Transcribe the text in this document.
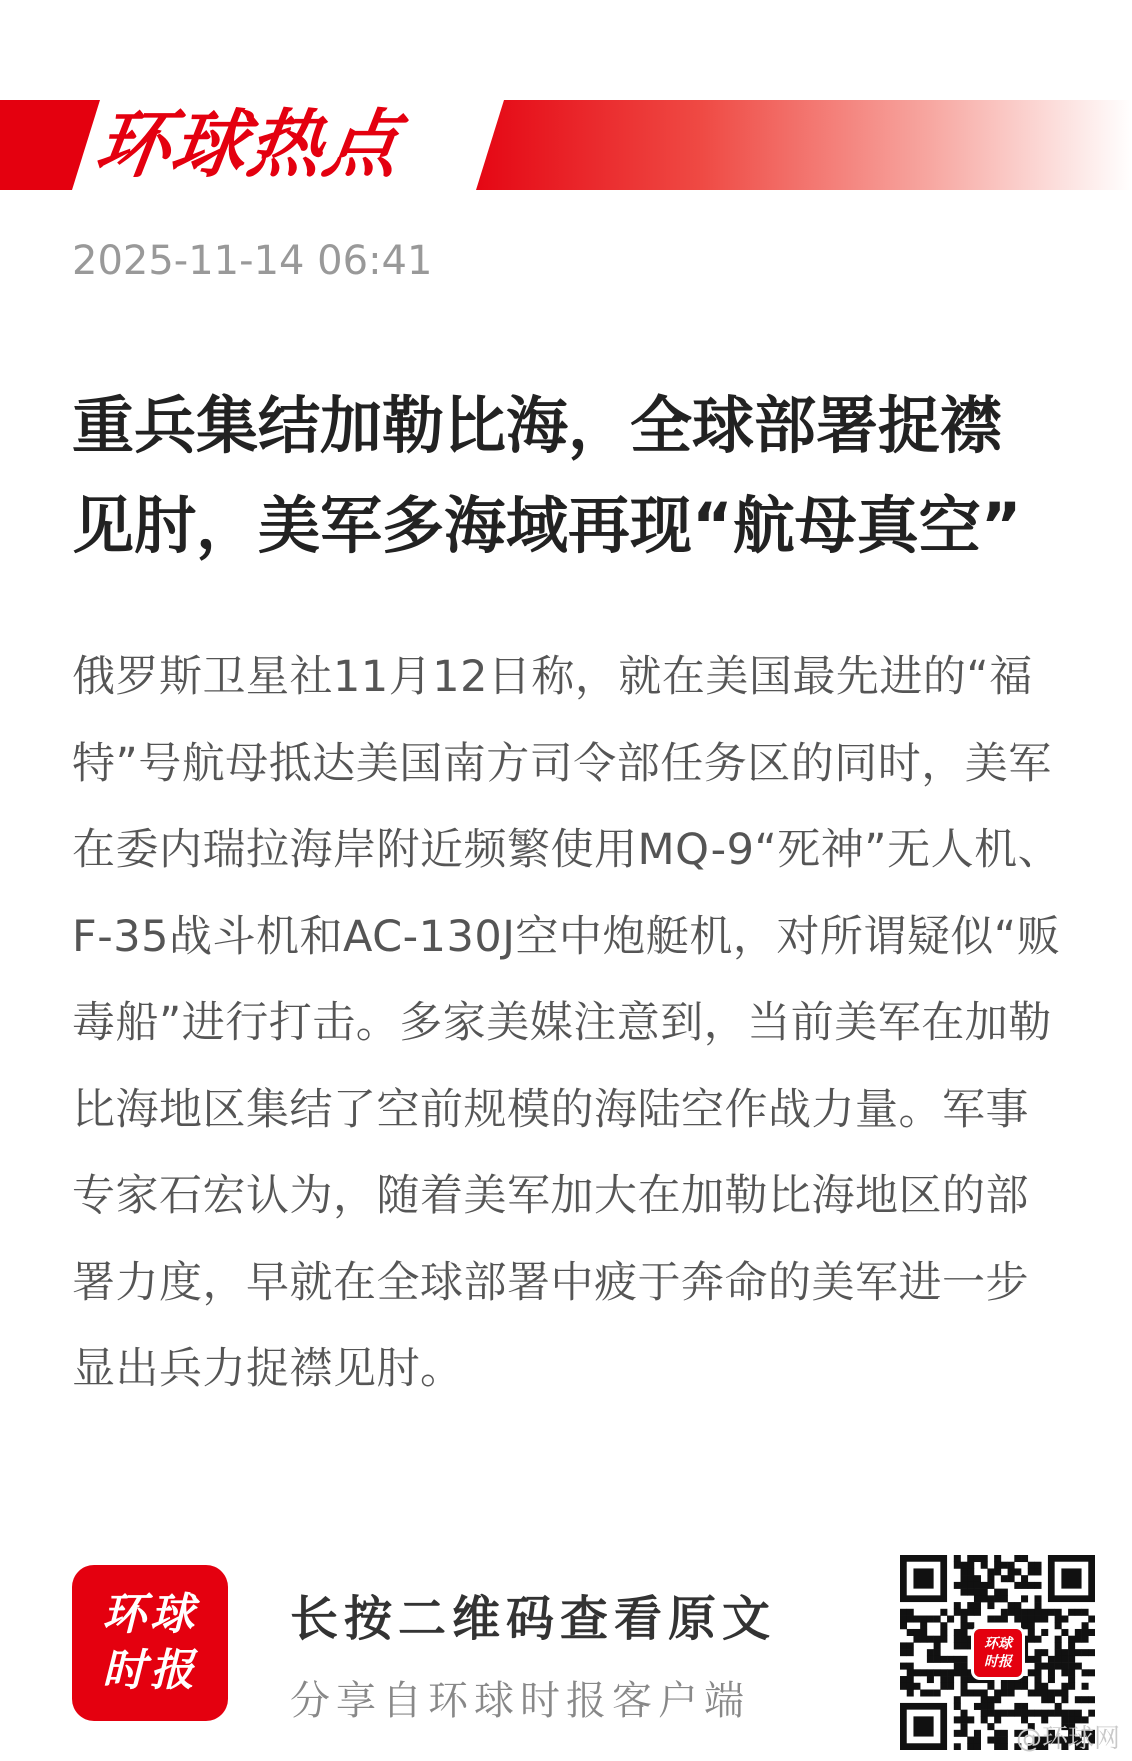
环球热点
2025-11-14 06:41
重兵集结加勒比海，全球部署捉襟见肘，美军多海域再现“航母真空”

俄罗斯卫星社11月12日称，就在美国最先进的“福特”号航母抵达美国南方司令部任务区的同时，美军在委内瑞拉海岸附近频繁使用MQ-9“死神”无人机、F-35战斗机和AC-130J空中炮艇机，对所谓疑似“贩毒船”进行打击。多家美媒注意到，当前美军在加勒比海地区集结了空前规模的海陆空作战力量。军事专家石宏认为，随着美军加大在加勒比海地区的部署力度，早就在全球部署中疲于奔命的美军进一步显出兵力捉襟见肘。

环球
时报
长按二维码查看原文
分享自环球时报客户端
环球
时报
@环球网
